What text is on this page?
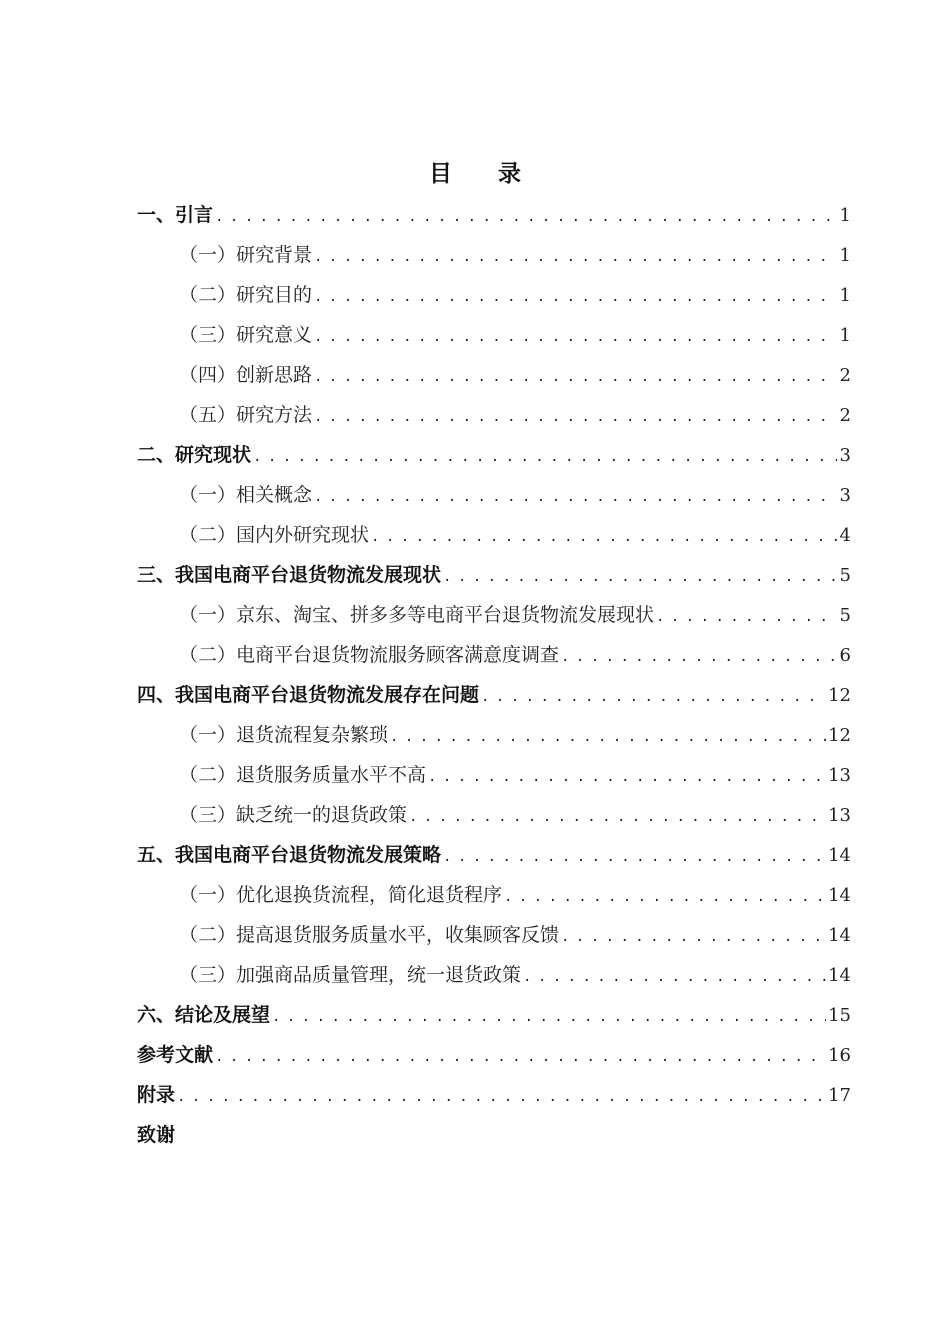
目 录
一、引言 . . .	1
（一）研究背景 . . .	1
（二）研究目的 . . .	1
（三）研究意义 . . .	1
（四）创新思路 . . .	2
（五）研究方法 . . .	2
二、研究现状 . . .	3
（一）相关概念 . . .	3
（二）国内外研究现状 . . .	4
三、我国电商平台退货物流发展现状 . . .	5
（一）京东、淘宝、拼多多等电商平台退货物流发展现状 . . .	5
（二）电商平台退货物流服务顾客满意度调查 . . .	6
四、我国电商平台退货物流发展存在问题 . . .	12
（一）退货流程复杂繁琐 . . .	12
（二）退货服务质量水平不高 . . .	13
（三）缺乏统一的退货政策 . . .	13
五、我国电商平台退货物流发展策略 . . .	14
（一）优化退换货流程，简化退货程序 . . .	14
（二）提高退货服务质量水平，收集顾客反馈 . . .	14
（三）加强商品质量管理，统一退货政策 . . .	14
六、结论及展望 . . .	15
参考文献 . . .	16
附录 . . .	17
致谢
